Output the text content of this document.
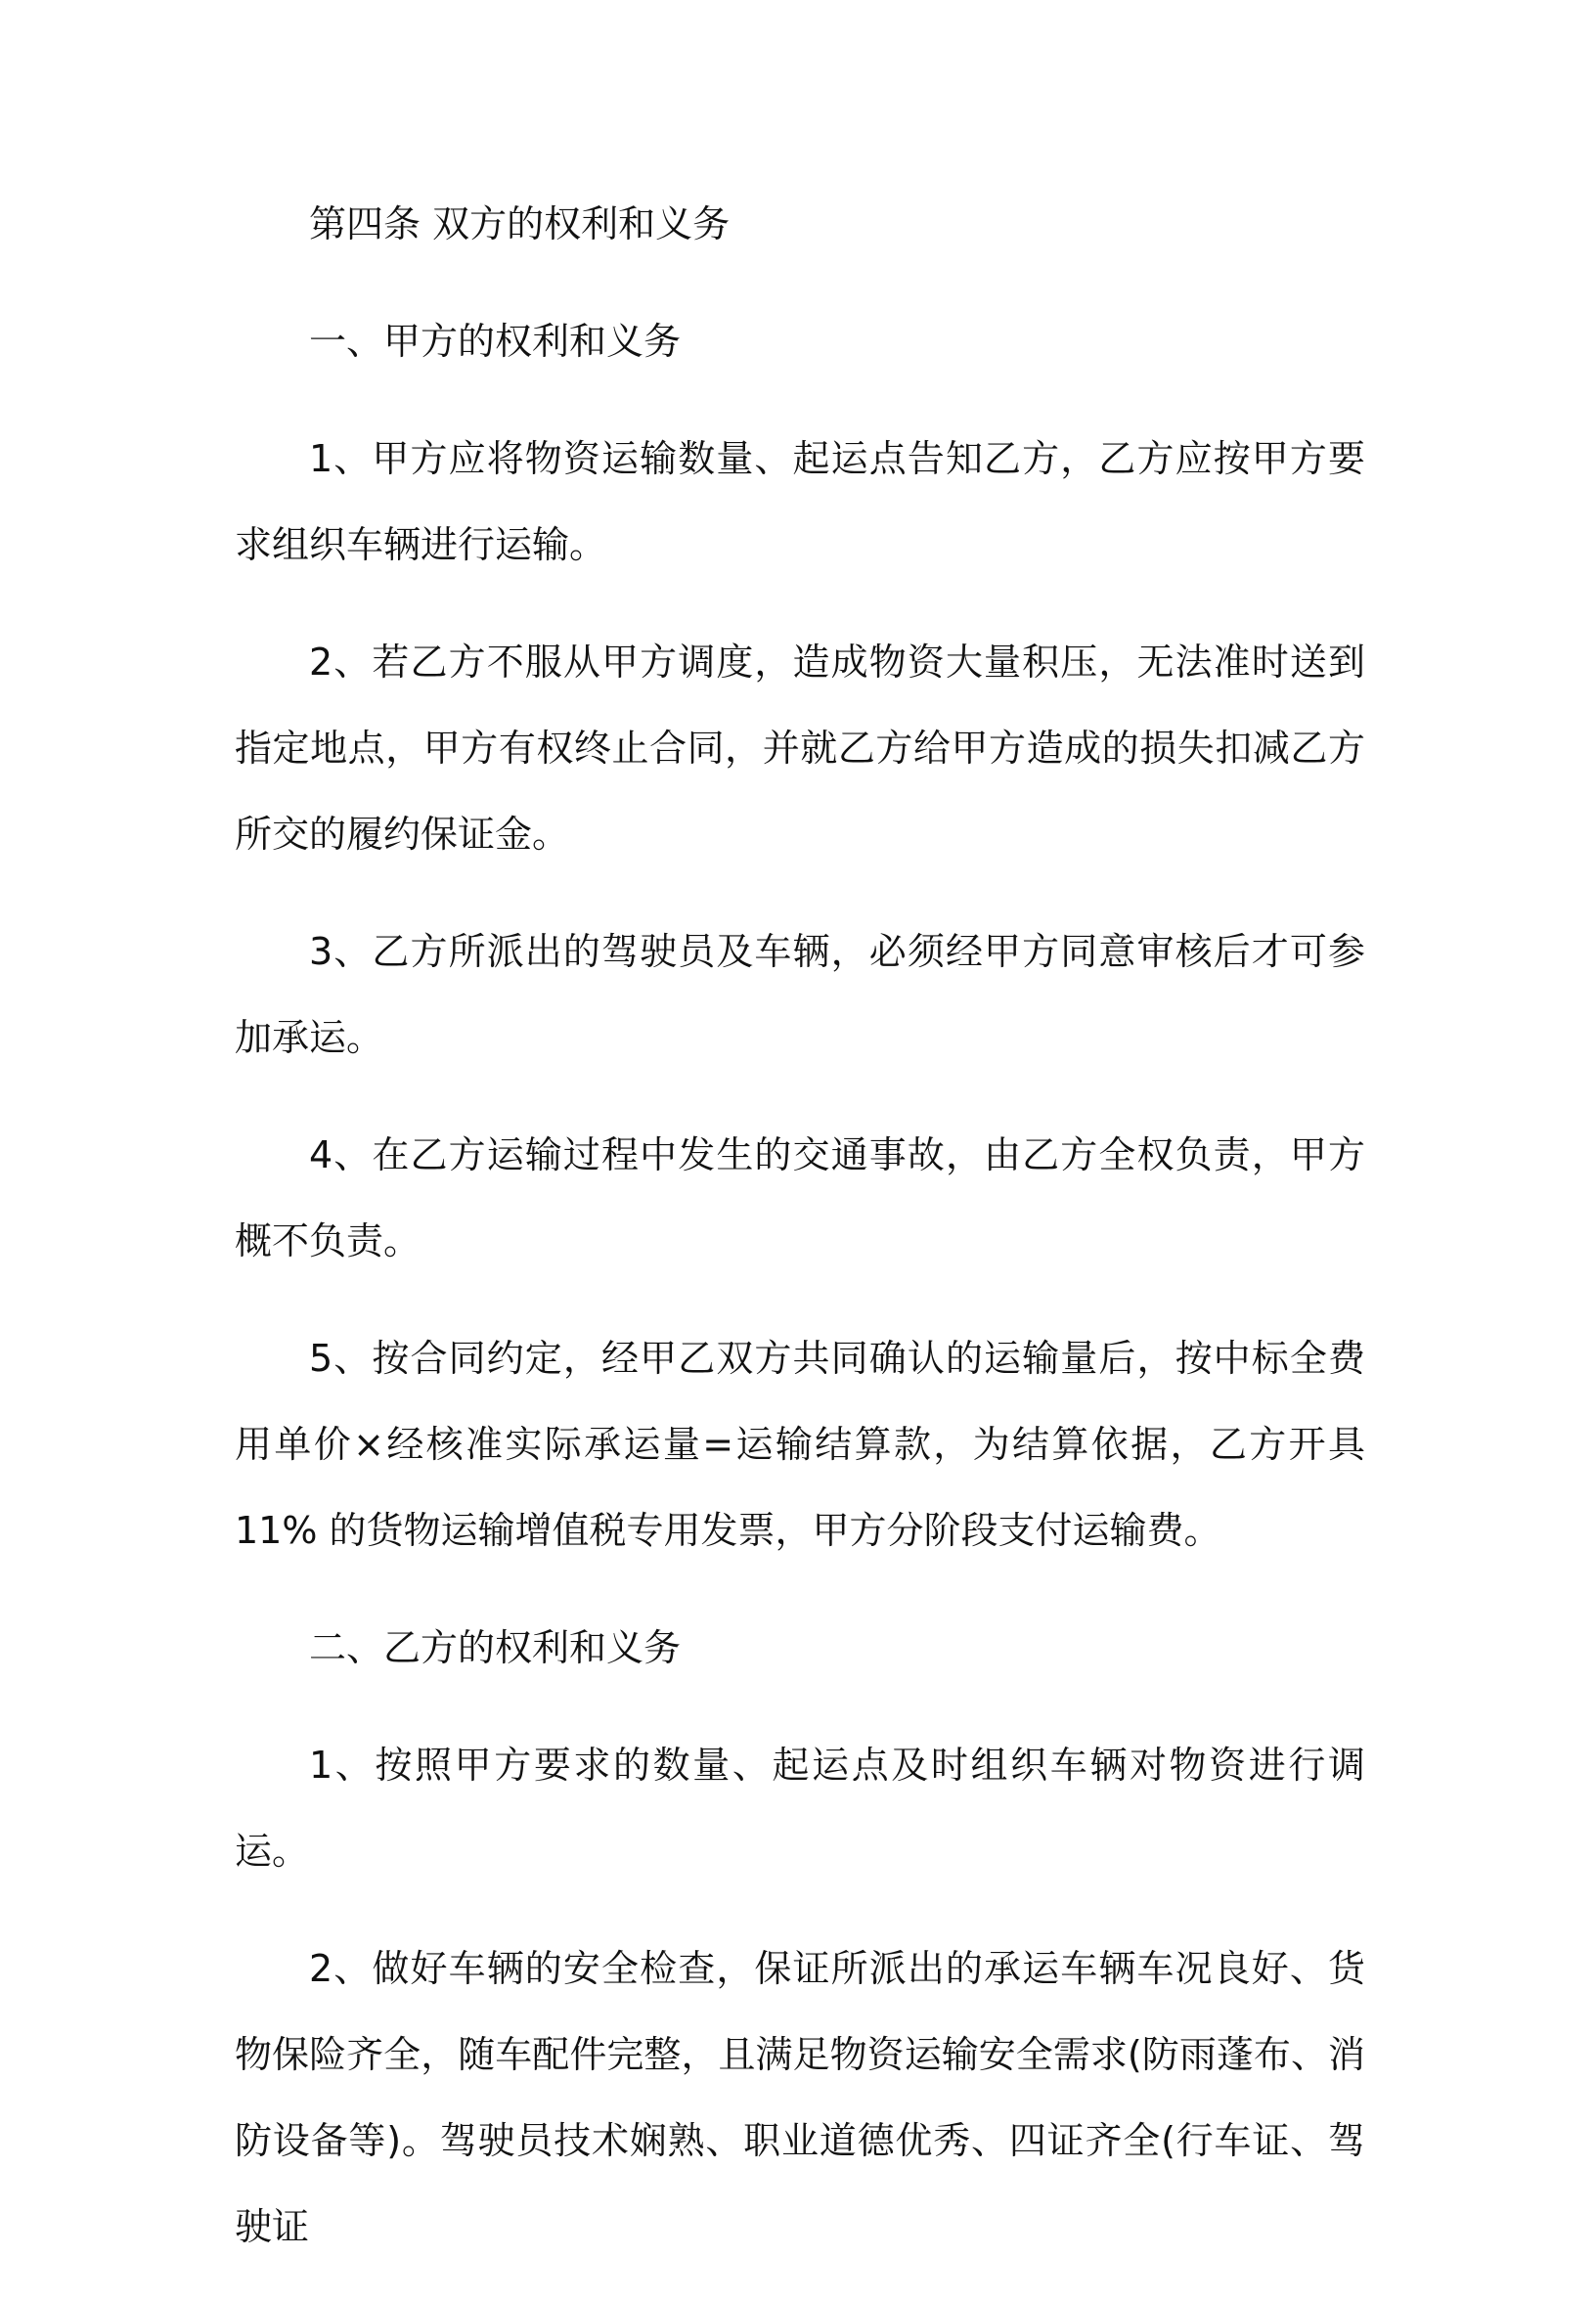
第四条 双方的权利和义务

一、甲方的权利和义务

1、甲方应将物资运输数量、起运点告知乙方，乙方应按甲方要求组织车辆进行运输。

2、若乙方不服从甲方调度，造成物资大量积压，无法准时送到指定地点，甲方有权终止合同，并就乙方给甲方造成的损失扣减乙方所交的履约保证金。

3、乙方所派出的驾驶员及车辆，必须经甲方同意审核后才可参加承运。

4、在乙方运输过程中发生的交通事故，由乙方全权负责，甲方概不负责。

5、按合同约定，经甲乙双方共同确认的运输量后，按中标全费用单价×经核准实际承运量=运输结算款，为结算依据，乙方开具 11% 的货物运输增值税专用发票，甲方分阶段支付运输费。

二、乙方的权利和义务

1、按照甲方要求的数量、起运点及时组织车辆对物资进行调运。

2、做好车辆的安全检查，保证所派出的承运车辆车况良好、货物保险齐全，随车配件完整，且满足物资运输安全需求(防雨蓬布、消防设备等)。驾驶员技术娴熟、职业道德优秀、四证齐全(行车证、驾驶证
